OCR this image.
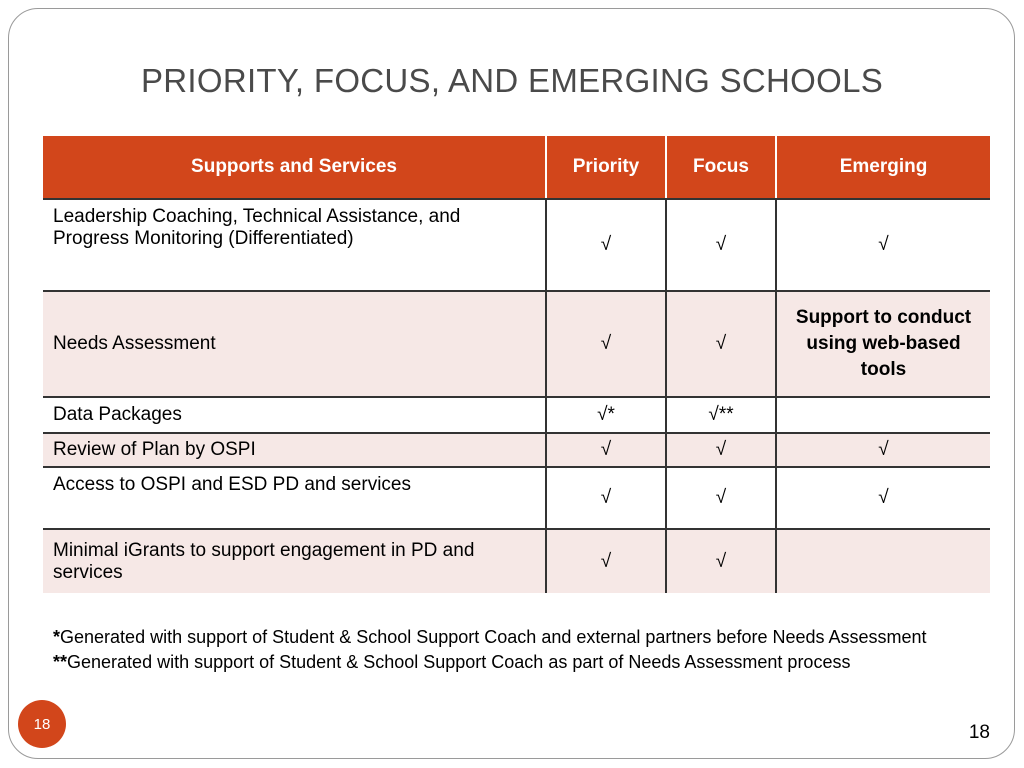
PRIORITY, FOCUS, AND EMERGING SCHOOLS
Supports and Services	Priority	Focus	Emerging
Leadership Coaching, Technical Assistance, and Progress Monitoring (Differentiated)	√	√	√
Needs Assessment	√	√	Support to conduct using web-based tools
Data Packages	√*	√**	
Review of Plan by OSPI	√	√	√
Access to OSPI and ESD PD and services	√	√	√
Minimal iGrants to support engagement in PD and services	√	√	

*Generated with support of Student & School Support Coach and external partners before Needs Assessment

**Generated with support of Student & School Support Coach as part of Needs Assessment process

18	18
